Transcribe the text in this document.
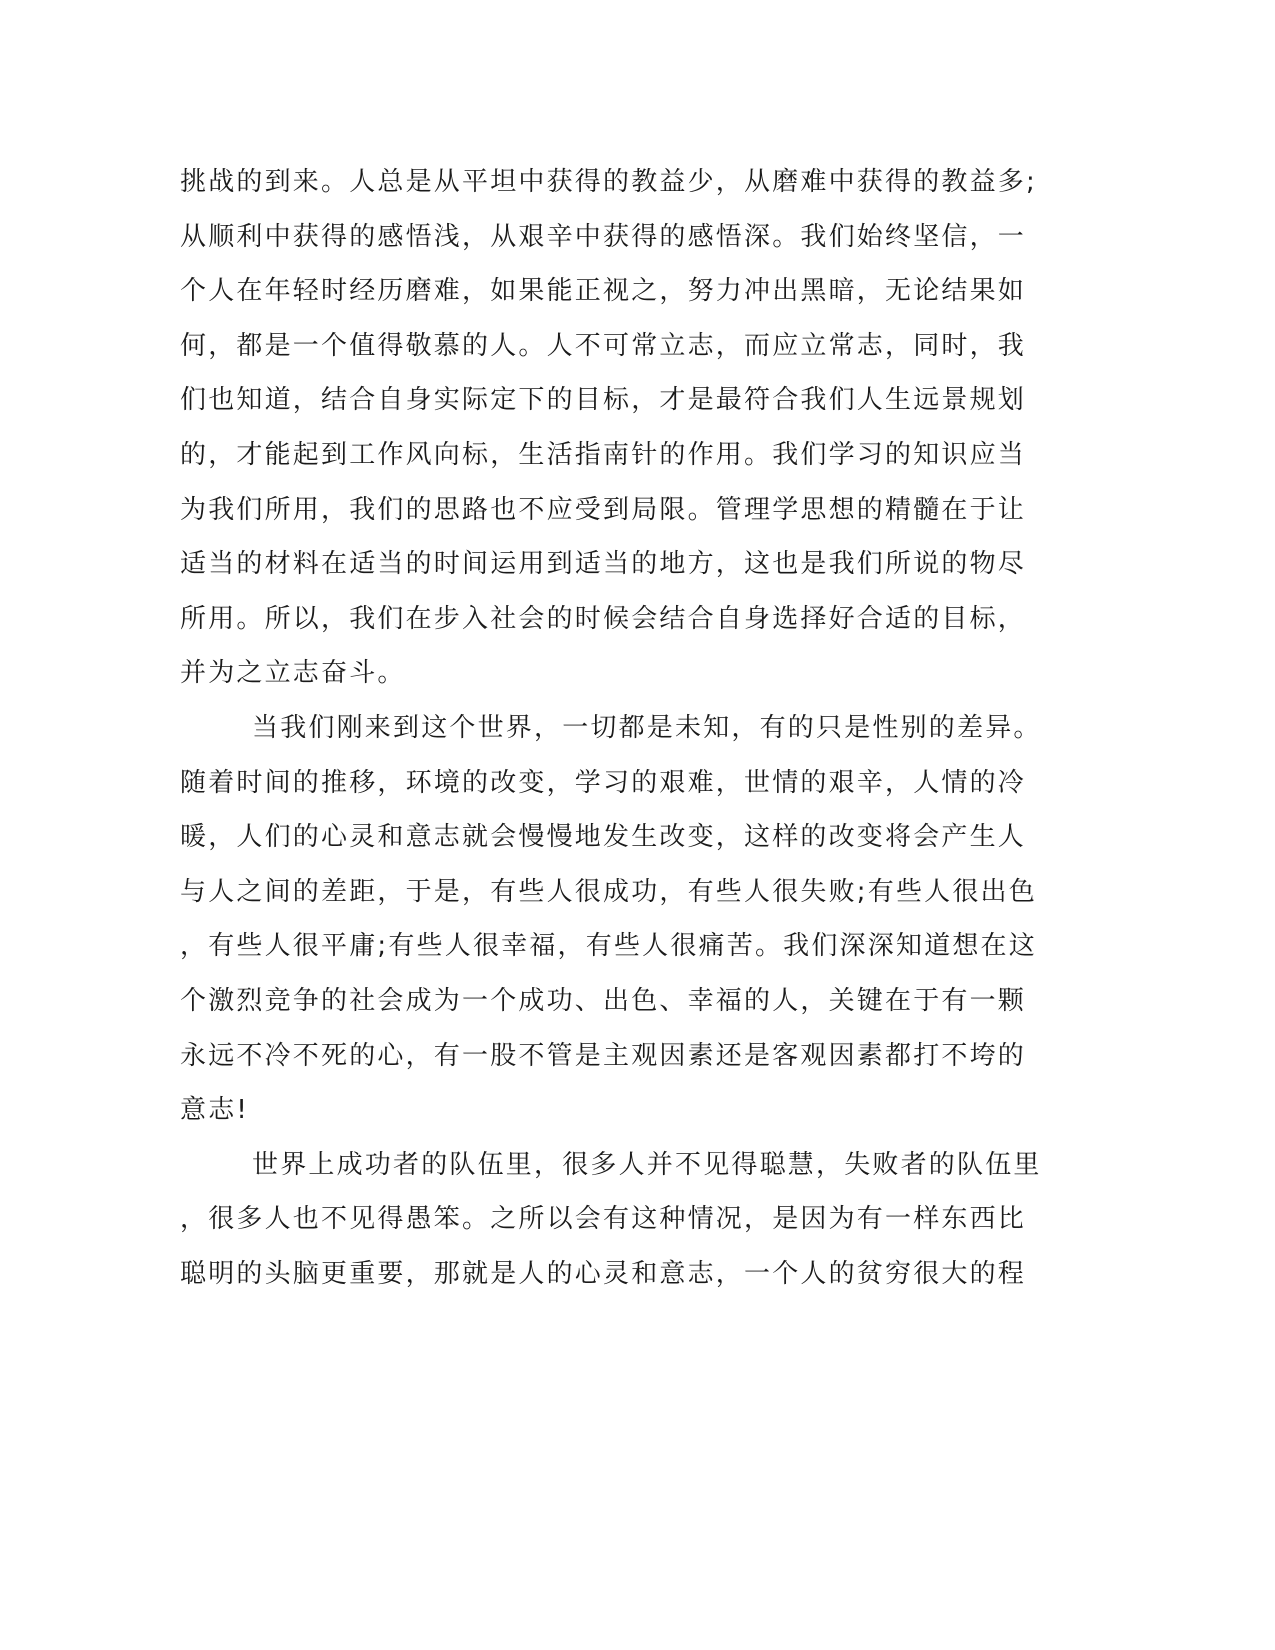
挑战的到来。人总是从平坦中获得的教益少，从磨难中获得的教益多;
从顺利中获得的感悟浅，从艰辛中获得的感悟深。我们始终坚信，一
个人在年轻时经历磨难，如果能正视之，努力冲出黑暗，无论结果如
何，都是一个值得敬慕的人。人不可常立志，而应立常志，同时，我
们也知道，结合自身实际定下的目标，才是最符合我们人生远景规划
的，才能起到工作风向标，生活指南针的作用。我们学习的知识应当
为我们所用，我们的思路也不应受到局限。管理学思想的精髓在于让
适当的材料在适当的时间运用到适当的地方，这也是我们所说的物尽
所用。所以，我们在步入社会的时候会结合自身选择好合适的目标，
并为之立志奋斗。
当我们刚来到这个世界，一切都是未知，有的只是性别的差异。
随着时间的推移，环境的改变，学习的艰难，世情的艰辛，人情的冷
暖，人们的心灵和意志就会慢慢地发生改变，这样的改变将会产生人
与人之间的差距，于是，有些人很成功，有些人很失败;有些人很出色
，有些人很平庸;有些人很幸福，有些人很痛苦。我们深深知道想在这
个激烈竞争的社会成为一个成功、出色、幸福的人，关键在于有一颗
永远不冷不死的心，有一股不管是主观因素还是客观因素都打不垮的
意志!
世界上成功者的队伍里，很多人并不见得聪慧，失败者的队伍里
，很多人也不见得愚笨。之所以会有这种情况，是因为有一样东西比
聪明的头脑更重要，那就是人的心灵和意志，一个人的贫穷很大的程
